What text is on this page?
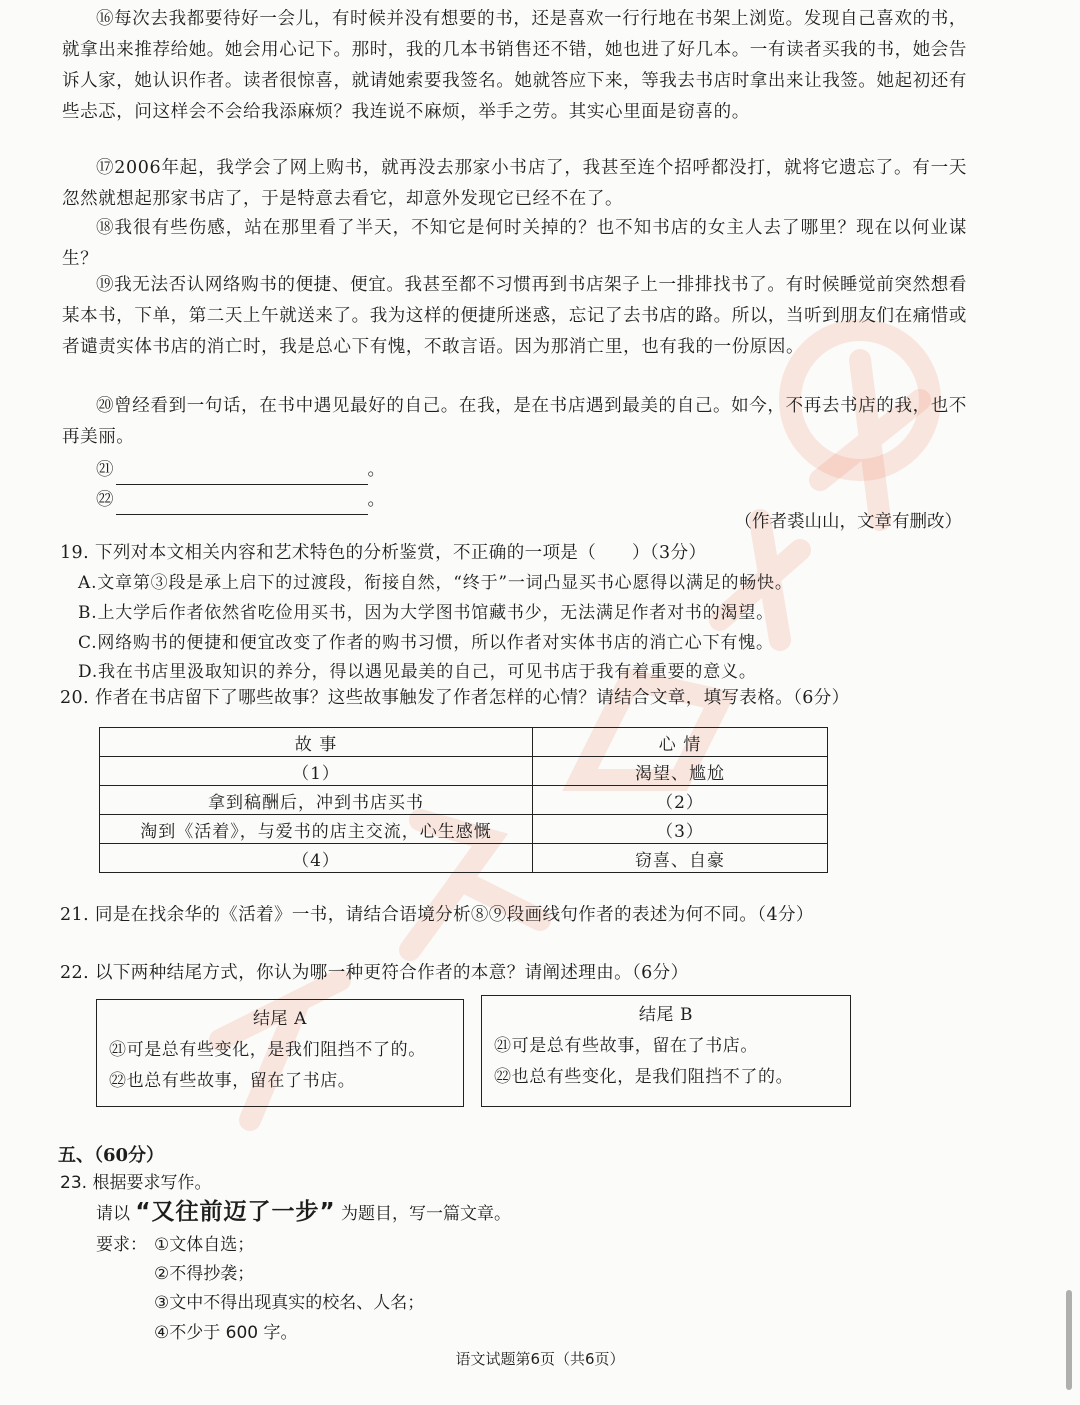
⑯每次去我都要待好一会儿，有时候并没有想要的书，还是喜欢一行行地在书架上浏览。发现自己喜欢的书，就拿出来推荐给她。她会用心记下。那时，我的几本书销售还不错，她也进了好几本。一有读者买我的书，她会告诉人家，她认识作者。读者很惊喜，就请她索要我签名。她就答应下来，等我去书店时拿出来让我签。她起初还有些忐忑，问这样会不会给我添麻烦？我连说不麻烦，举手之劳。其实心里面是窃喜的。
⑰2006年起，我学会了网上购书，就再没去那家小书店了，我甚至连个招呼都没打，就将它遗忘了。有一天忽然就想起那家书店了，于是特意去看它，却意外发现它已经不在了。
⑱我很有些伤感，站在那里看了半天，不知它是何时关掉的？也不知书店的女主人去了哪里？现在以何业谋生？
⑲我无法否认网络购书的便捷、便宜。我甚至都不习惯再到书店架子上一排排找书了。有时候睡觉前突然想看某本书，下单，第二天上午就送来了。我为这样的便捷所迷惑，忘记了去书店的路。所以，当听到朋友们在痛惜或者谴责实体书店的消亡时，我是总心下有愧，不敢言语。因为那消亡里，也有我的一份原因。
⑳曾经看到一句话，在书中遇见最好的自己。在我，是在书店遇到最美的自己。如今，不再去书店的我，也不再美丽。
㉑	。
㉒	。
（作者裘山山，文章有删改）
19. 下列对本文相关内容和艺术特色的分析鉴赏，不正确的一项是（　　）（3分）
A.文章第③段是承上启下的过渡段，衔接自然，“终于”一词凸显买书心愿得以满足的畅快。
B.上大学后作者依然省吃俭用买书，因为大学图书馆藏书少，无法满足作者对书的渴望。
C.网络购书的便捷和便宜改变了作者的购书习惯，所以作者对实体书店的消亡心下有愧。
D.我在书店里汲取知识的养分，得以遇见最美的自己，可见书店于我有着重要的意义。
20. 作者在书店留下了哪些故事？这些故事触发了作者怎样的心情？请结合文章，填写表格。（6分）
故 事	心 情
（1）	渴望、尴尬
拿到稿酬后，冲到书店买书	（2）
淘到《活着》，与爱书的店主交流，心生感慨	（3）
（4）	窃喜、自豪
21. 同是在找余华的《活着》一书，请结合语境分析⑧⑨段画线句作者的表述为何不同。（4分）
22. 以下两种结尾方式，你认为哪一种更符合作者的本意？请阐述理由。（6分）
结尾 A
㉑可是总有些变化，是我们阻挡不了的。
㉒也总有些故事，留在了书店。
结尾 B
㉑可是总有些故事，留在了书店。
㉒也总有些变化，是我们阻挡不了的。
五、（60分）
23. 根据要求写作。
请以 “又往前迈了一步” 为题目，写一篇文章。
要求： ①文体自选；
②不得抄袭；
③文中不得出现真实的校名、人名；
④不少于 600 字。
语文试题第6页（共6页）
